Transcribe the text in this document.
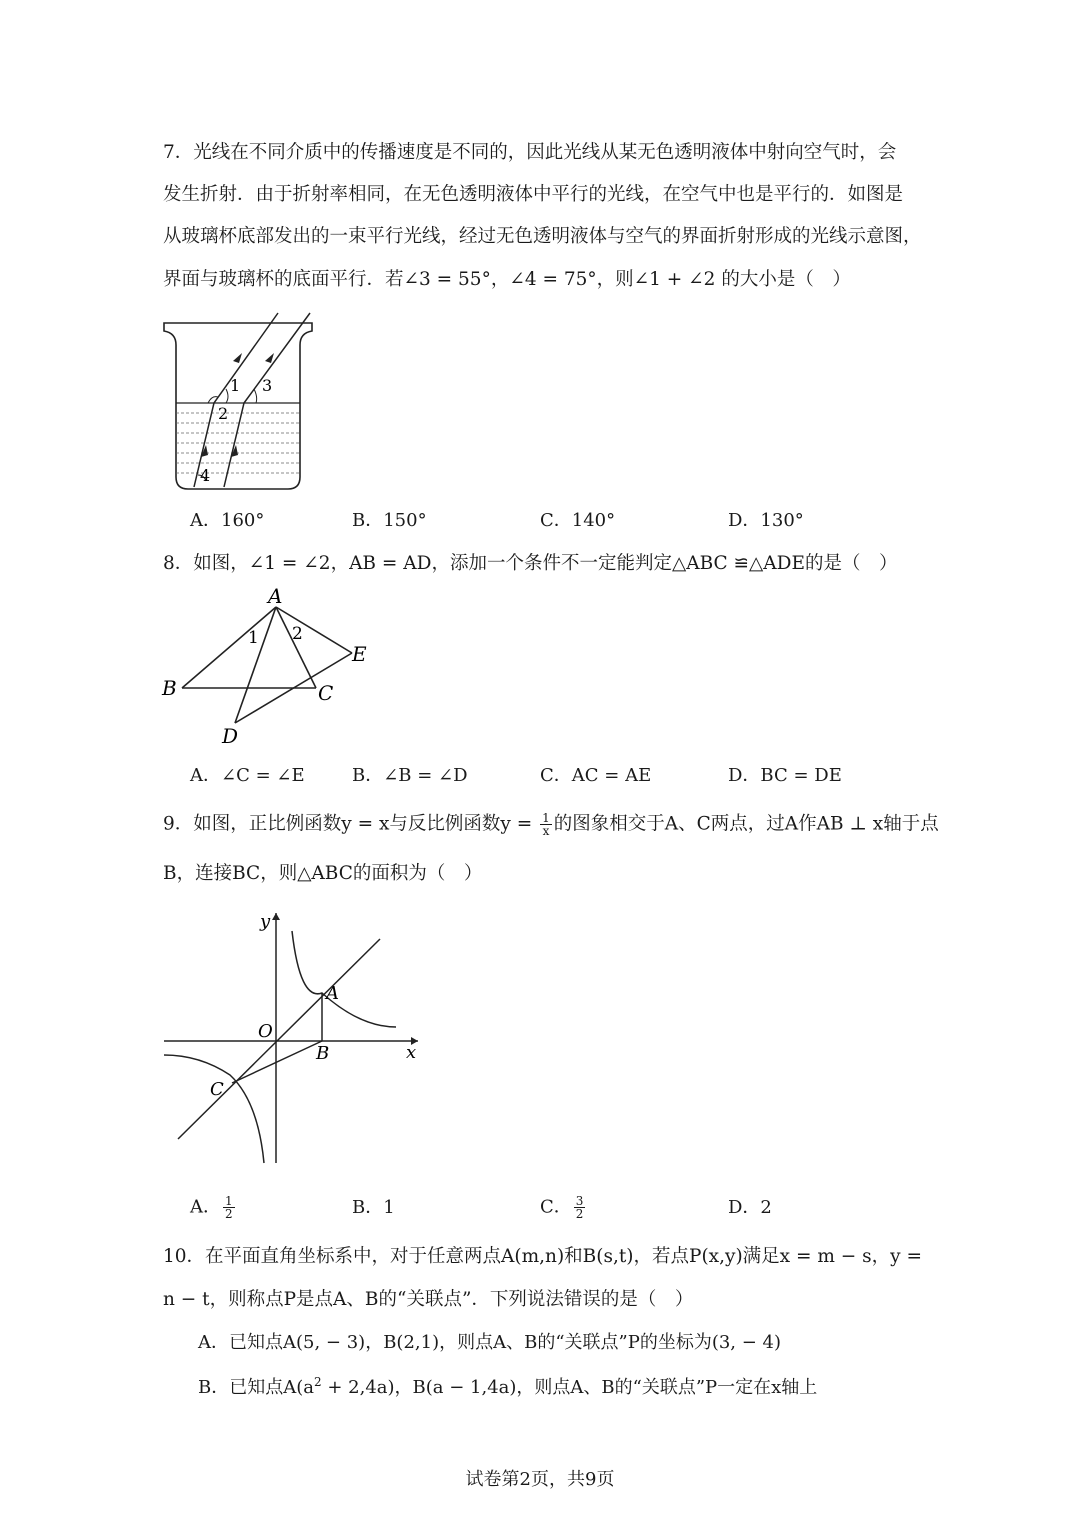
7．光线在不同介质中的传播速度是不同的，因此光线从某无色透明液体中射向空气时，会
发生折射．由于折射率相同，在无色透明液体中平行的光线，在空气中也是平行的．如图是
从玻璃杯底部发出的一束平行光线，经过无色透明液体与空气的界面折射形成的光线示意图，
界面与玻璃杯的底面平行．若∠3 = 55°，∠4 = 75°，则∠1 + ∠2 的大小是（　）
1
2
3
4
A．160°	B．150°	C．140°	D．130°
8．如图，∠1 = ∠2，AB = AD，添加一个条件不一定能判定△ABC ≌△ADE的是（　）
A
B	C
D
E
1 2
A．∠C = ∠E	B．∠B = ∠D	C．AC = AE	D．BC = DE
9．如图，正比例函数y = x与反比例函数$y = \frac{1}{x}$ 的图象相交于A、C两点，过A作AB ⊥ x轴于点
B，连接BC，则△ABC的面积为（　）
y
x
O
A
B
C
A． $\frac{1}{2}$	B．1	C． $\frac{3}{2}$	D．2
10．在平面直角坐标系中，对于任意两点A(m,n)和B(s,t)，若点P(x,y)满足x = m − s，y =
n − t，则称点P是点A、B的“关联点”．下列说法错误的是（　）
A．已知点A(5, − 3)，B(2,1)，则点A、B的“关联点”P的坐标为(3, − 4)
B．已知点$A(a^2 + 2,4a)$，B(a − 1,4a)，则点A、B的“关联点”P一定在x轴上
试卷第2页，共9页
